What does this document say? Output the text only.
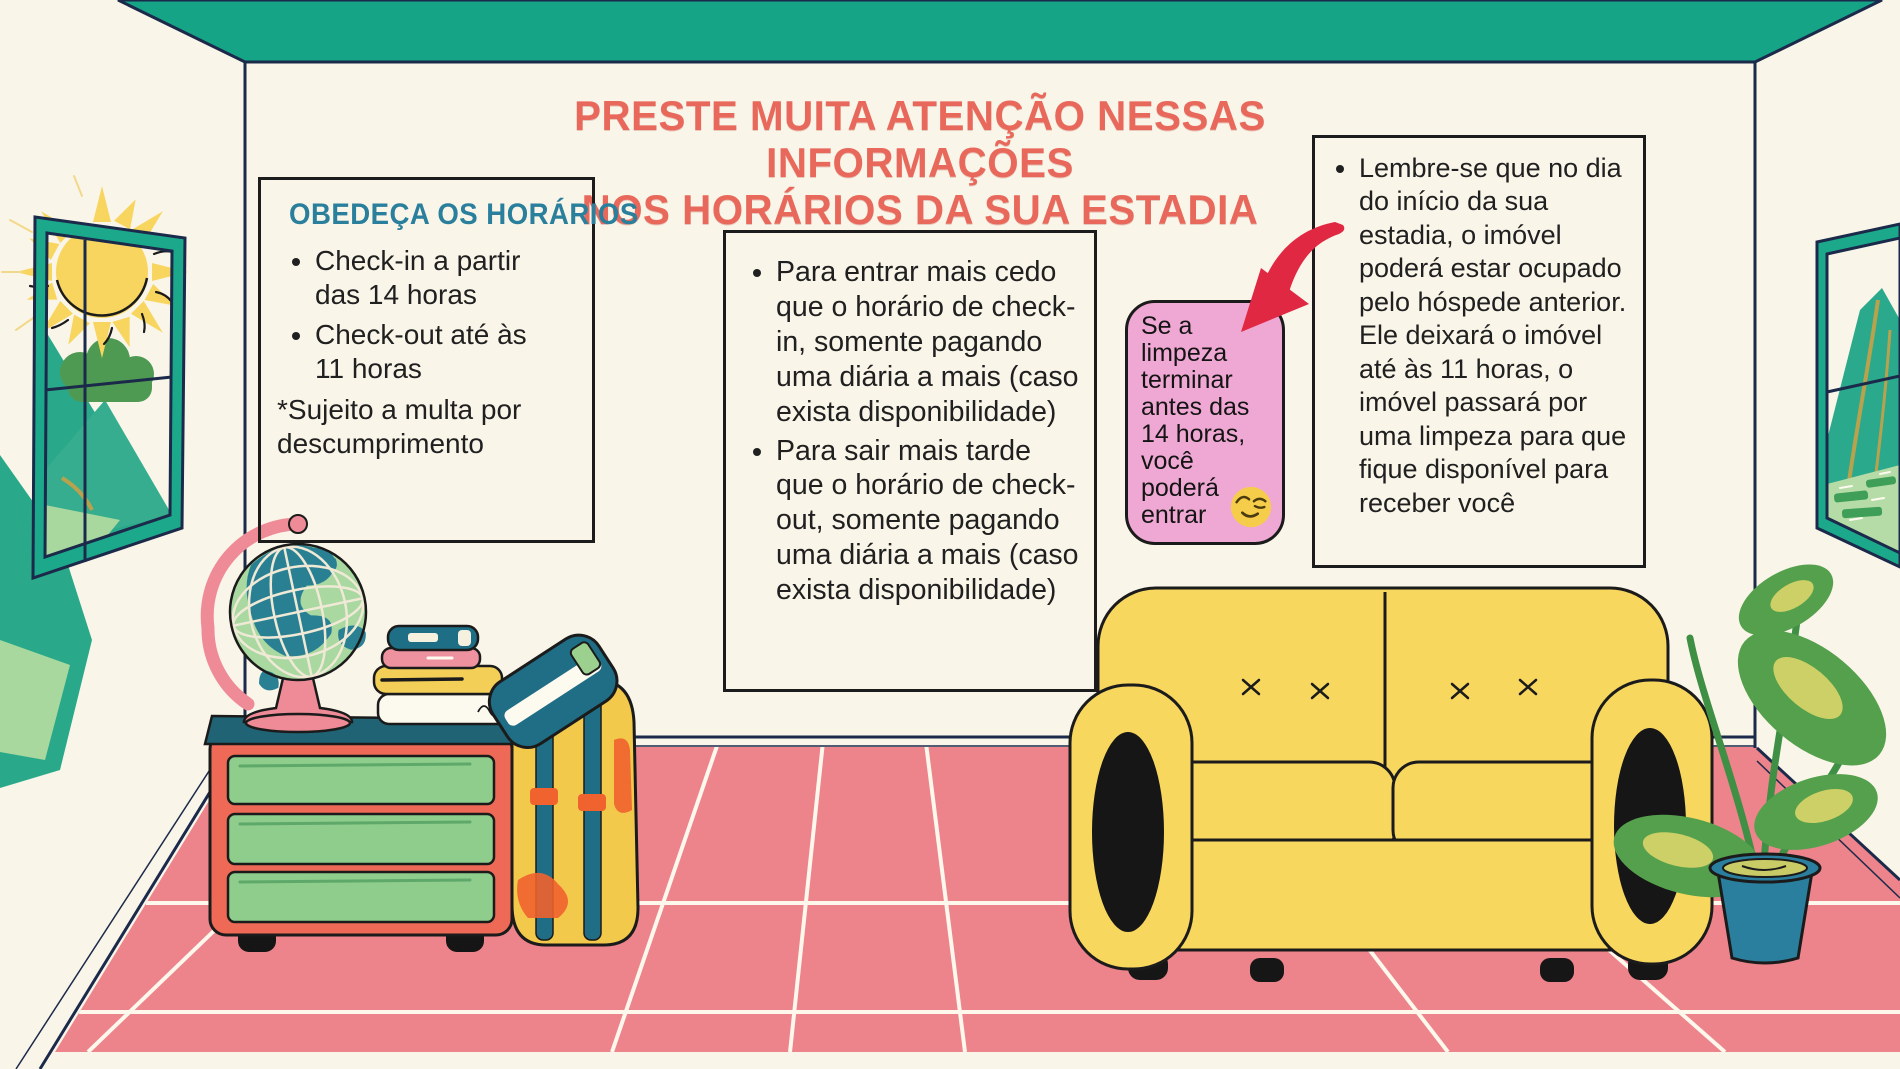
PRESTE MUITA ATENÇÃO NESSAS INFORMAÇÕES
NOS HORÁRIOS DA SUA ESTADIA
OBEDEÇA OS HORÁRIOS
• Check-in a partir das 14 horas
• Check-out até às 11 horas
*Sujeito a multa por descumprimento
• Para entrar mais cedo que o horário de check-in, somente pagando uma diária a mais (caso exista disponibilidade)
• Para sair mais tarde que o horário de check-out, somente pagando uma diária a mais (caso exista disponibilidade)
• Lembre-se que no dia do início da sua estadia, o imóvel poderá estar ocupado pelo hóspede anterior. Ele deixará o imóvel até às 11 horas, o imóvel passará por uma limpeza para que fique disponível para receber você
Se a limpeza terminar antes das 14 horas, você poderá entrar
